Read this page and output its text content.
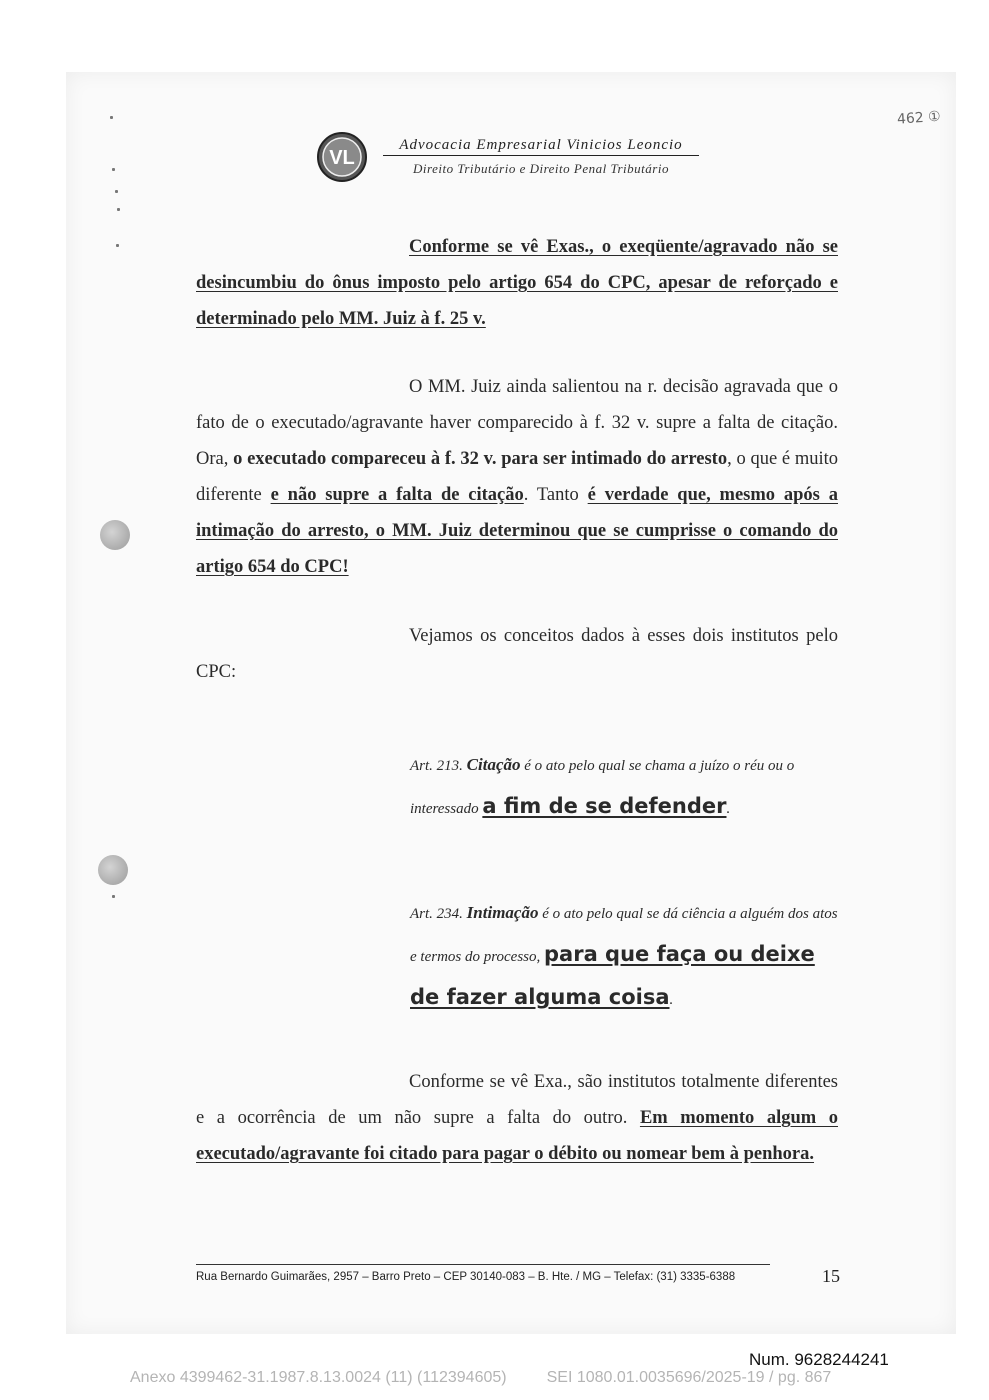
VL
Advocacia Empresarial Vinicios Leoncio
Direito Tributário e Direito Penal Tributário
462 ①
Conforme se vê Exas., o exeqüente/agravado não se desincumbiu do ônus imposto pelo artigo 654 do CPC, apesar de reforçado e determinado pelo MM. Juiz à f. 25 v.
O MM. Juiz ainda salientou na r. decisão agravada que o fato de o executado/agravante haver comparecido à f. 32 v. supre a falta de citação. Ora, o executado compareceu à f. 32 v. para ser intimado do arresto, o que é muito diferente e não supre a falta de citação. Tanto é verdade que, mesmo após a intimação do arresto, o MM. Juiz determinou que se cumprisse o comando do artigo 654 do CPC!
Vejamos os conceitos dados à esses dois institutos pelo CPC:
Art. 213. Citação é o ato pelo qual se chama a juízo o réu ou o interessado a fim de se defender.
Art. 234. Intimação é o ato pelo qual se dá ciência a alguém dos atos e termos do processo, para que faça ou deixe de fazer alguma coisa.
Conforme se vê Exa., são institutos totalmente diferentes e a ocorrência de um não supre a falta do outro. Em momento algum o executado/agravante foi citado para pagar o débito ou nomear bem à penhora.
Rua Bernardo Guimarães, 2957 – Barro Preto – CEP 30140-083 – B. Hte. / MG – Telefax: (31) 3335-6388	15
Num. 9628244241
Anexo 4399462-31.1987.8.13.0024 (11) (112394605)	SEI 1080.01.0035696/2025-19 / pg. 867
